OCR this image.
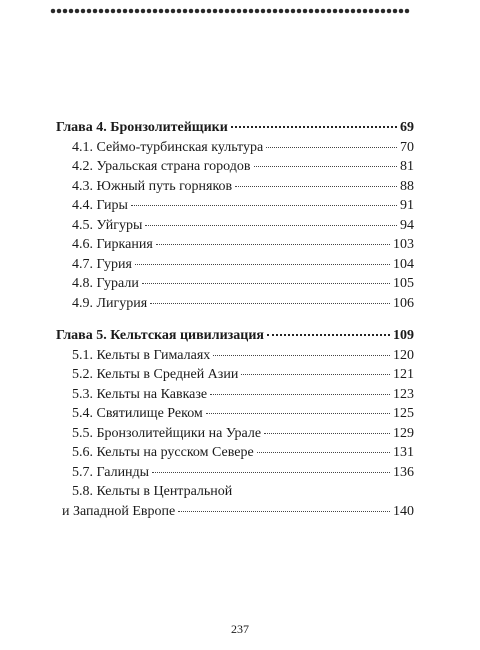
Глава 4. Бронзолитейщики	69
4.1. Сеймо-турбинская культура	70
4.2. Уральская страна городов	81
4.3. Южный путь горняков	88
4.4. Гиры	91
4.5. Уйгуры	94
4.6. Гиркания	103
4.7. Гурия	104
4.8. Гурали	105
4.9. Лигурия	106
Глава 5. Кельтская цивилизация	109
5.1. Кельты в Гималаях	120
5.2. Кельты в Средней Азии	121
5.3. Кельты на Кавказе	123
5.4. Святилище Реком	125
5.5. Бронзолитейщики на Урале	129
5.6. Кельты на русском Севере	131
5.7. Галинды	136
5.8. Кельты в Центральной
и Западной Европе	140
237
